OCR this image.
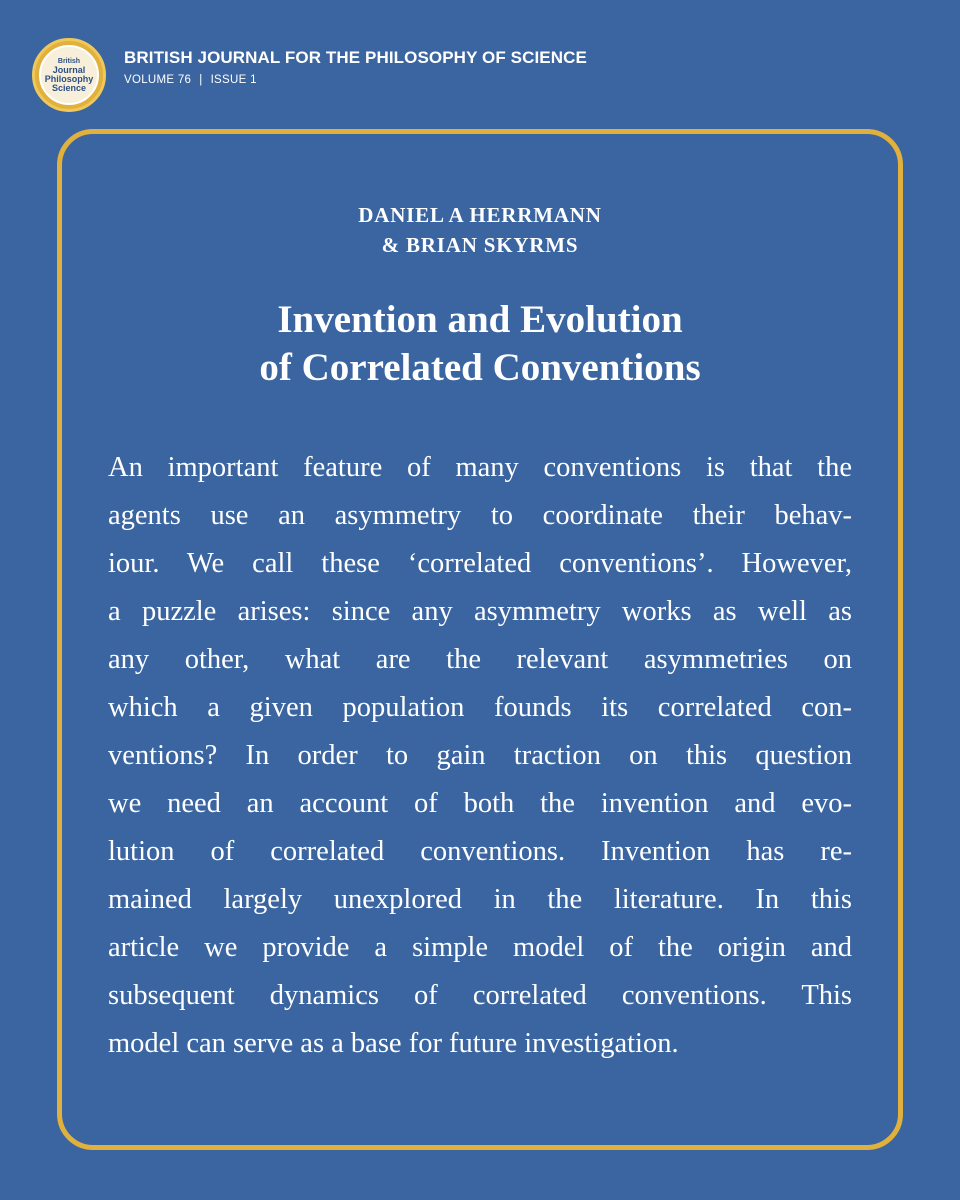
British
Journal
Philosophy
Science
BRITISH JOURNAL FOR THE PHILOSOPHY OF SCIENCE
VOLUME 76 | ISSUE 1
DANIEL A HERRMANN
& BRIAN SKYRMS
Invention and Evolution
of Correlated Conventions
An important feature of many conventions is that the
agents use an asymmetry to coordinate their behav-
iour. We call these ‘correlated conventions’. However,
a puzzle arises: since any asymmetry works as well as
any other, what are the relevant asymmetries on
which a given population founds its correlated con-
ventions? In order to gain traction on this question
we need an account of both the invention and evo-
lution of correlated conventions. Invention has re-
mained largely unexplored in the literature. In this
article we provide a simple model of the origin and
subsequent dynamics of correlated conventions. This
model can serve as a base for future investigation.
